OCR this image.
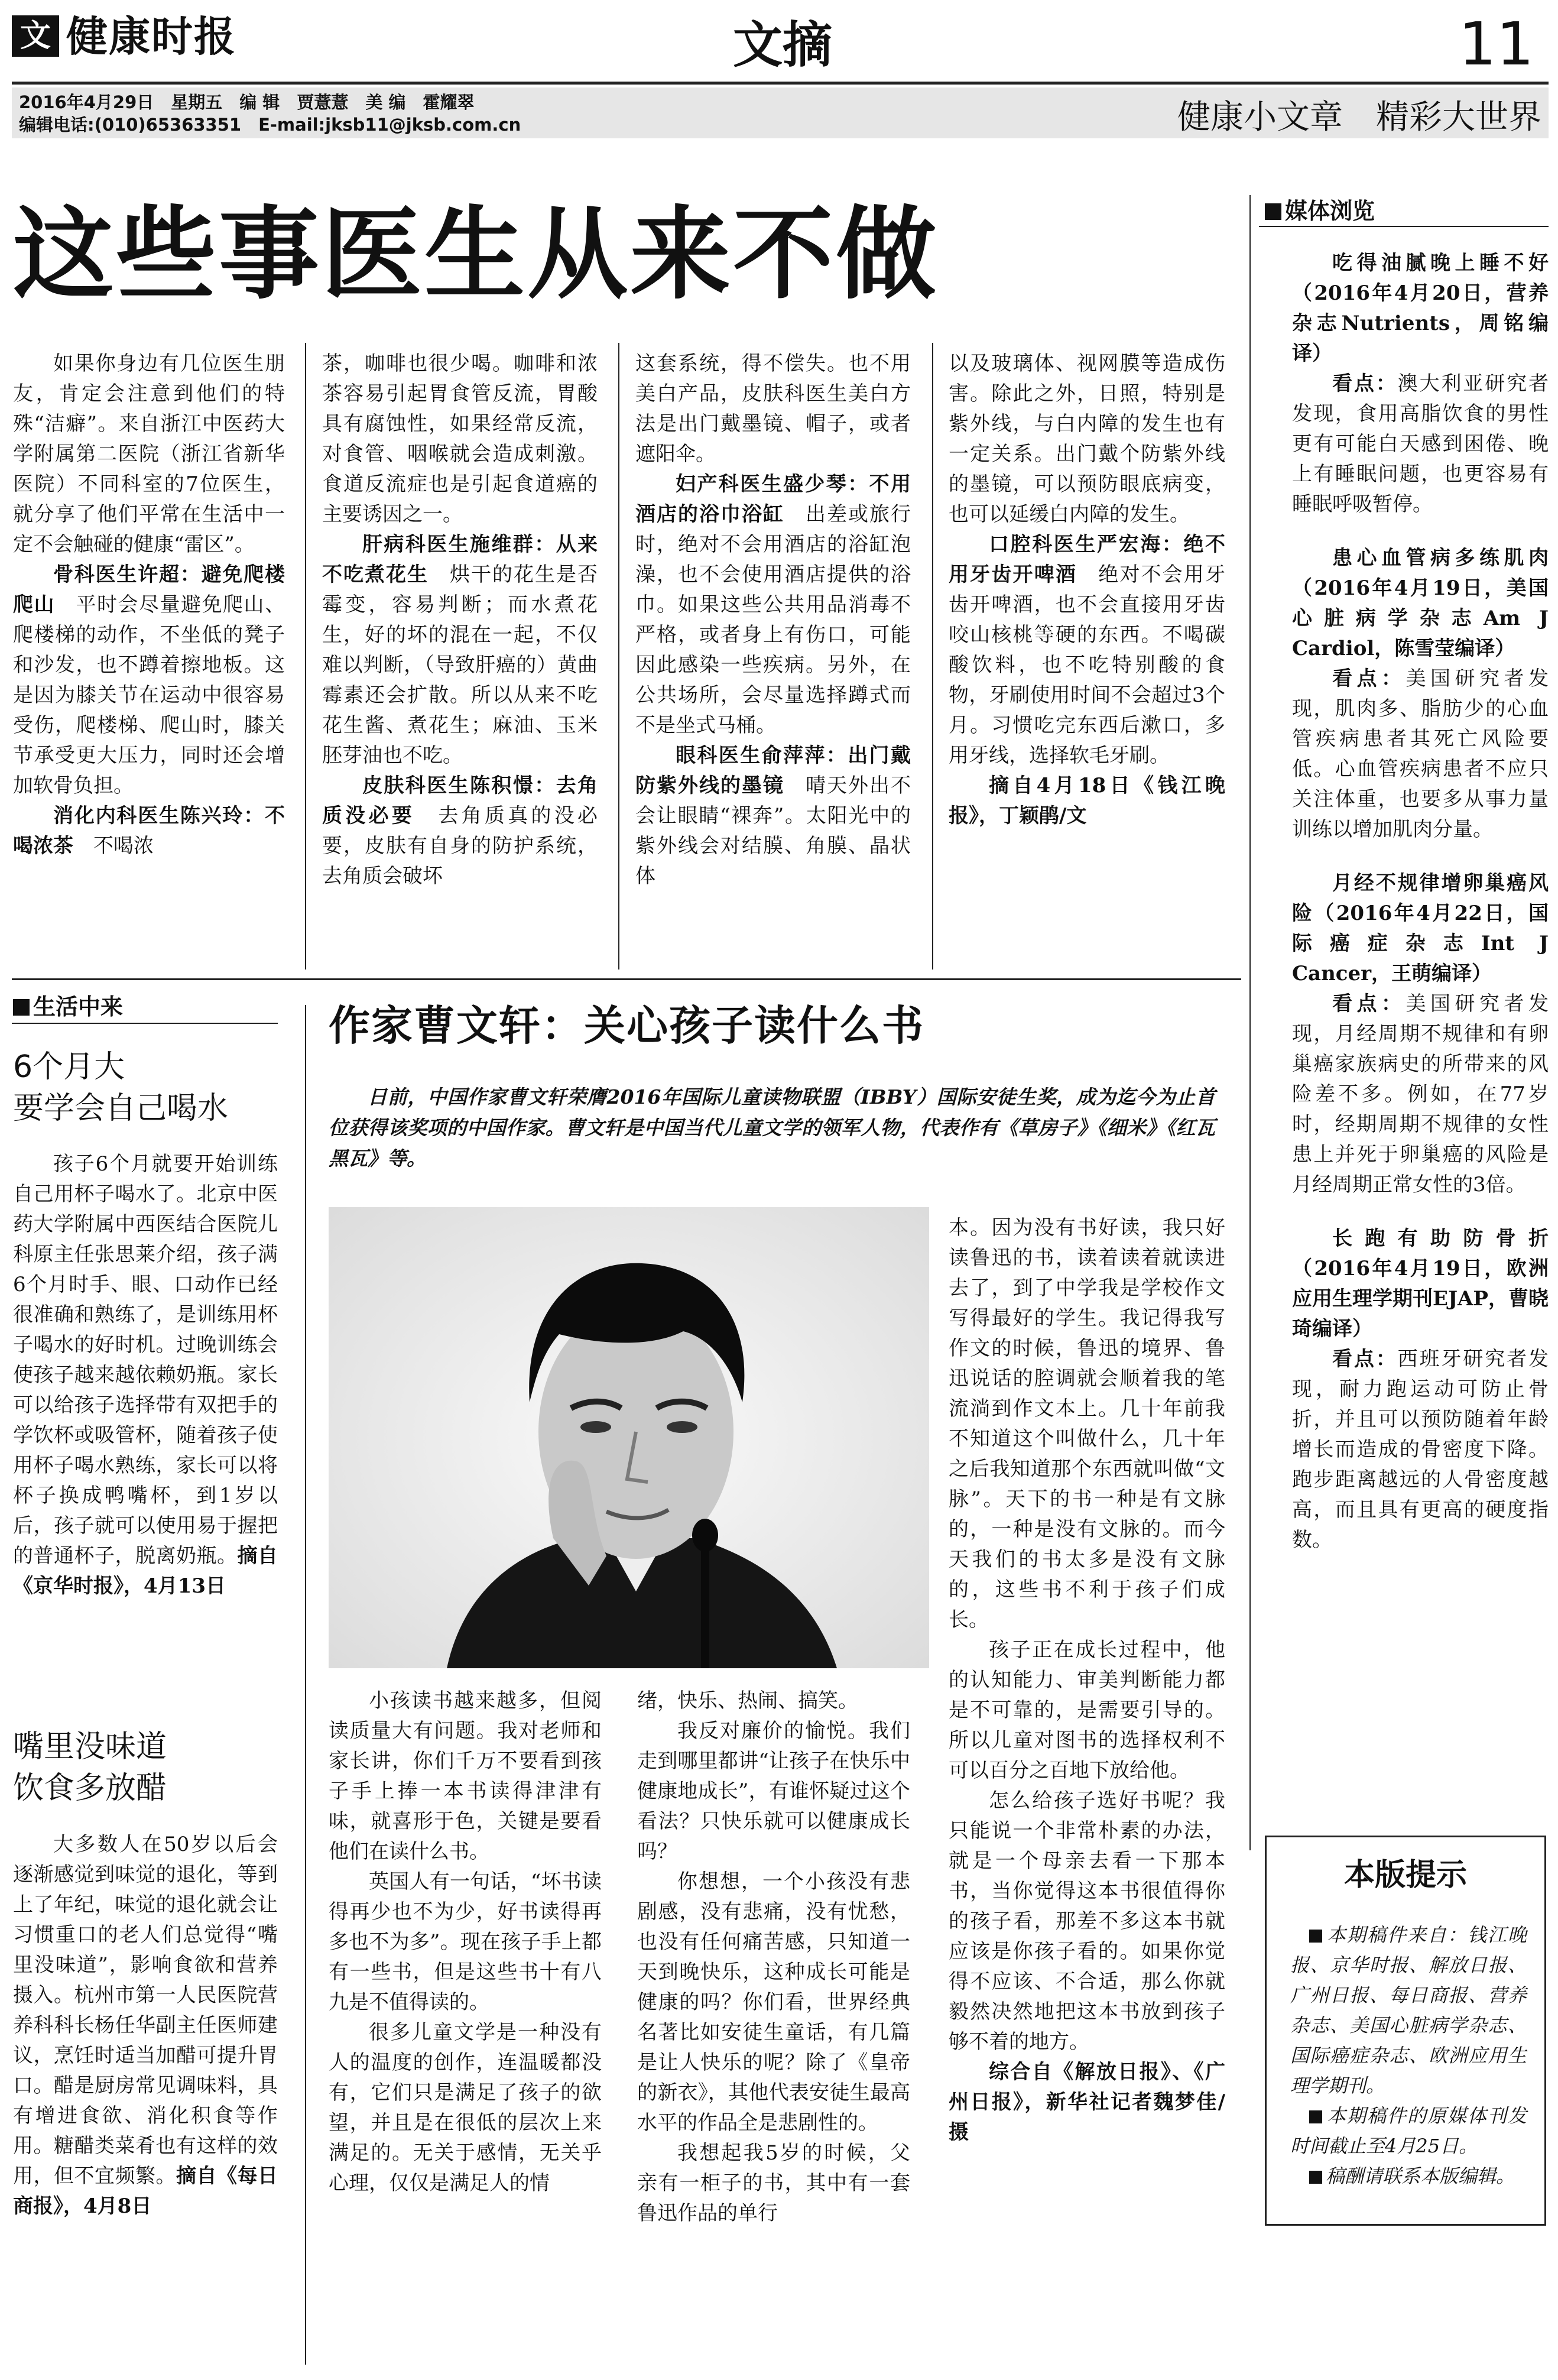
文 健康时报	文摘	11
2016年4月29日　星期五　编 辑　贾薏薏　美 编　霍耀翠
编辑电话:(010)65363351　E-mail:jksb11@jksb.com.cn	健康小文章　精彩大世界
这些事医生从来不做

如果你身边有几位医生朋友，肯定会注意到他们的特殊“洁癖”。来自浙江中医药大学附属第二医院（浙江省新华医院）不同科室的7位医生，就分享了他们平常在生活中一定不会触碰的健康“雷区”。

骨科医生许超：避免爬楼爬山　平时会尽量避免爬山、爬楼梯的动作，不坐低的凳子和沙发，也不蹲着擦地板。这是因为膝关节在运动中很容易受伤，爬楼梯、爬山时，膝关节承受更大压力，同时还会增加软骨负担。

消化内科医生陈兴玲：不喝浓茶　不喝浓

茶，咖啡也很少喝。咖啡和浓茶容易引起胃食管反流，胃酸具有腐蚀性，如果经常反流，对食管、咽喉就会造成刺激。食道反流症也是引起食道癌的主要诱因之一。

肝病科医生施维群：从来不吃煮花生　烘干的花生是否霉变，容易判断；而水煮花生，好的坏的混在一起，不仅难以判断，（导致肝癌的）黄曲霉素还会扩散。所以从来不吃花生酱、煮花生；麻油、玉米胚芽油也不吃。

皮肤科医生陈积憬：去角质没必要　去角质真的没必要，皮肤有自身的防护系统，去角质会破坏

这套系统，得不偿失。也不用美白产品，皮肤科医生美白方法是出门戴墨镜、帽子，或者遮阳伞。

妇产科医生盛少琴：不用酒店的浴巾浴缸　出差或旅行时，绝对不会用酒店的浴缸泡澡，也不会使用酒店提供的浴巾。如果这些公共用品消毒不严格，或者身上有伤口，可能因此感染一些疾病。另外，在公共场所，会尽量选择蹲式而不是坐式马桶。

眼科医生俞萍萍：出门戴防紫外线的墨镜　晴天外出不会让眼睛“裸奔”。太阳光中的紫外线会对结膜、角膜、晶状体

以及玻璃体、视网膜等造成伤害。除此之外，日照，特别是紫外线，与白内障的发生也有一定关系。出门戴个防紫外线的墨镜，可以预防眼底病变，也可以延缓白内障的发生。

口腔科医生严宏海：绝不用牙齿开啤酒　绝对不会用牙齿开啤酒，也不会直接用牙齿咬山核桃等硬的东西。不喝碳酸饮料，也不吃特别酸的食物，牙刷使用时间不会超过3个月。习惯吃完东西后漱口，多用牙线，选择软毛牙刷。

摘自4月18日《钱江晚报》，丁颖鹃/文

生活中来
6个月大
要学会自己喝水

孩子6个月就要开始训练自己用杯子喝水了。北京中医药大学附属中西医结合医院儿科原主任张思莱介绍，孩子满6个月时手、眼、口动作已经很准确和熟练了，是训练用杯子喝水的好时机。过晚训练会使孩子越来越依赖奶瓶。家长可以给孩子选择带有双把手的学饮杯或吸管杯，随着孩子使用杯子喝水熟练，家长可以将杯子换成鸭嘴杯，到1岁以后，孩子就可以使用易于握把的普通杯子，脱离奶瓶。摘自《京华时报》，4月13日

嘴里没味道
饮食多放醋

大多数人在50岁以后会逐渐感觉到味觉的退化，等到上了年纪，味觉的退化就会让习惯重口的老人们总觉得“嘴里没味道”，影响食欲和营养摄入。杭州市第一人民医院营养科科长杨任华副主任医师建议，烹饪时适当加醋可提升胃口。醋是厨房常见调味料，具有增进食欲、消化积食等作用。糖醋类菜肴也有这样的效用，但不宜频繁。摘自《每日商报》，4月8日

作家曹文轩：关心孩子读什么书
日前，中国作家曹文轩荣膺2016年国际儿童读物联盟（IBBY）国际安徒生奖，成为迄今为止首位获得该奖项的中国作家。曹文轩是中国当代儿童文学的领军人物，代表作有《草房子》《细米》《红瓦黑瓦》等。

小孩读书越来越多，但阅读质量大有问题。我对老师和家长讲，你们千万不要看到孩子手上捧一本书读得津津有味，就喜形于色，关键是要看他们在读什么书。

英国人有一句话，“坏书读得再少也不为少，好书读得再多也不为多”。现在孩子手上都有一些书，但是这些书十有八九是不值得读的。

很多儿童文学是一种没有人的温度的创作，连温暖都没有，它们只是满足了孩子的欲望，并且是在很低的层次上来满足的。无关于感情，无关乎心理，仅仅是满足人的情

绪，快乐、热闹、搞笑。

我反对廉价的愉悦。我们走到哪里都讲“让孩子在快乐中健康地成长”，有谁怀疑过这个看法？只快乐就可以健康成长吗？

你想想，一个小孩没有悲剧感，没有悲痛，没有忧愁，也没有任何痛苦感，只知道一天到晚快乐，这种成长可能是健康的吗？你们看，世界经典名著比如安徒生童话，有几篇是让人快乐的呢？除了《皇帝的新衣》，其他代表安徒生最高水平的作品全是悲剧性的。

我想起我5岁的时候，父亲有一柜子的书，其中有一套鲁迅作品的单行

本。因为没有书好读，我只好读鲁迅的书，读着读着就读进去了，到了中学我是学校作文写得最好的学生。我记得我写作文的时候，鲁迅的境界、鲁迅说话的腔调就会顺着我的笔流淌到作文本上。几十年前我不知道这个叫做什么，几十年之后我知道那个东西就叫做“文脉”。天下的书一种是有文脉的，一种是没有文脉的。而今天我们的书太多是没有文脉的，这些书不利于孩子们成长。

孩子正在成长过程中，他的认知能力、审美判断能力都是不可靠的，是需要引导的。所以儿童对图书的选择权利不可以百分之百地下放给他。

怎么给孩子选好书呢？我只能说一个非常朴素的办法，就是一个母亲去看一下那本书，当你觉得这本书很值得你的孩子看，那差不多这本书就应该是你孩子看的。如果你觉得不应该、不合适，那么你就毅然决然地把这本书放到孩子够不着的地方。

综合自《解放日报》、《广州日报》，新华社记者魏梦佳/摄

媒体浏览

吃得油腻晚上睡不好（2016年4月20日，营养杂志Nutrients，周铭编译）

看点：澳大利亚研究者发现，食用高脂饮食的男性更有可能白天感到困倦、晚上有睡眠问题，也更容易有睡眠呼吸暂停。

患心血管病多练肌肉（2016年4月19日，美国心脏病学杂志Am J Cardiol，陈雪莹编译）

看点：美国研究者发现，肌肉多、脂肪少的心血管疾病患者其死亡风险要低。心血管疾病患者不应只关注体重，也要多从事力量训练以增加肌肉分量。

月经不规律增卵巢癌风险（2016年4月22日，国际癌症杂志Int J Cancer，王萌编译）

看点：美国研究者发现，月经周期不规律和有卵巢癌家族病史的所带来的风险差不多。例如，在77岁时，经期周期不规律的女性患上并死于卵巢癌的风险是月经周期正常女性的3倍。

长跑有助防骨折（2016年4月19日，欧洲应用生理学期刊EJAP，曹晓琦编译）

看点：西班牙研究者发现，耐力跑运动可防止骨折，并且可以预防随着年龄增长而造成的骨密度下降。跑步距离越远的人骨密度越高，而且具有更高的硬度指数。

本版提示

本期稿件来自：钱江晚报、京华时报、解放日报、广州日报、每日商报、营养杂志、美国心脏病学杂志、国际癌症杂志、欧洲应用生理学期刊。

本期稿件的原媒体刊发时间截止至4月25日。

稿酬请联系本版编辑。
